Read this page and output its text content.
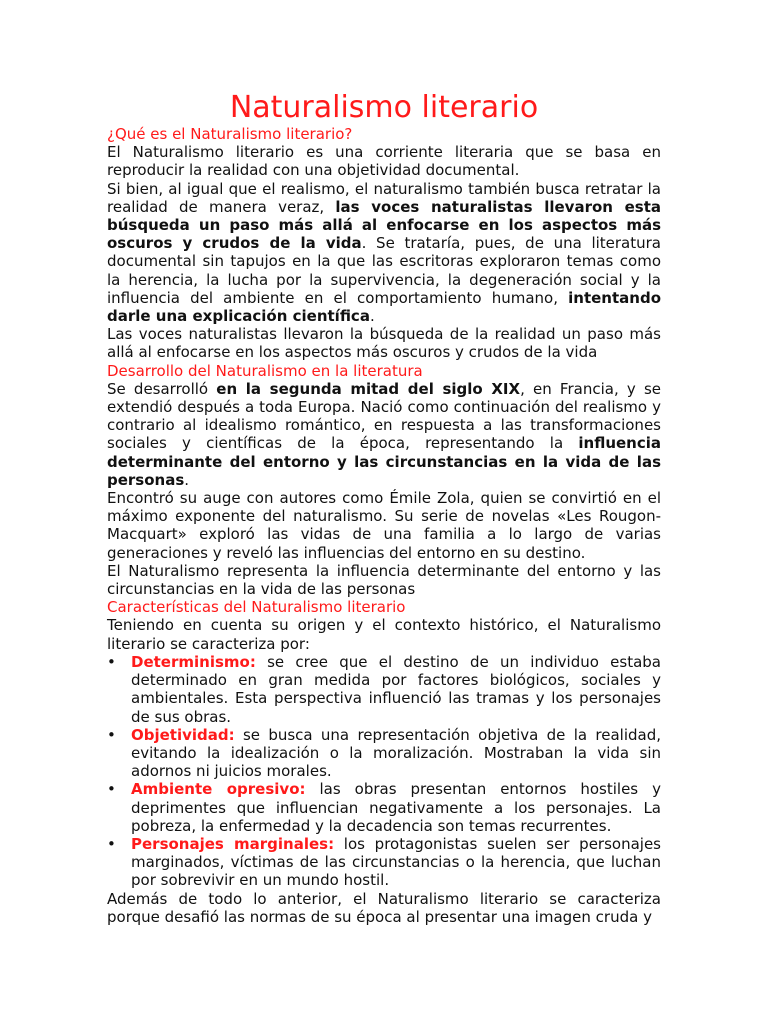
Naturalismo literario
¿Qué es el Naturalismo literario?

El Naturalismo literario es una corriente literaria que se basa en reproducir la realidad con una objetividad documental.

Si bien, al igual que el realismo, el naturalismo también busca retratar la realidad de manera veraz, las voces naturalistas llevaron esta búsqueda un paso más allá al enfocarse en los aspectos más oscuros y crudos de la vida. Se trataría, pues, de una literatura documental sin tapujos en la que las escritoras exploraron temas como la herencia, la lucha por la supervivencia, la degeneración social y la influencia del ambiente en el comportamiento humano, intentando darle una explicación científica.

Las voces naturalistas llevaron la búsqueda de la realidad un paso más allá al enfocarse en los aspectos más oscuros y crudos de la vida

Desarrollo del Naturalismo en la literatura

Se desarrolló en la segunda mitad del siglo XIX, en Francia, y se extendió después a toda Europa. Nació como continuación del realismo y contrario al idealismo romántico, en respuesta a las transformaciones sociales y científicas de la época, representando la influencia determinante del entorno y las circunstancias en la vida de las personas.

Encontró su auge con autores como Émile Zola, quien se convirtió en el máximo exponente del naturalismo. Su serie de novelas «Les Rougon-Macquart» exploró las vidas de una familia a lo largo de varias generaciones y reveló las influencias del entorno en su destino.

El Naturalismo representa la influencia determinante del entorno y las circunstancias en la vida de las personas

Características del Naturalismo literario

Teniendo en cuenta su origen y el contexto histórico, el Naturalismo literario se caracteriza por:

• Determinismo: se cree que el destino de un individuo estaba determinado en gran medida por factores biológicos, sociales y ambientales. Esta perspectiva influenció las tramas y los personajes de sus obras.
• Objetividad: se busca una representación objetiva de la realidad, evitando la idealización o la moralización. Mostraban la vida sin adornos ni juicios morales.
• Ambiente opresivo: las obras presentan entornos hostiles y deprimentes que influencian negativamente a los personajes. La pobreza, la enfermedad y la decadencia son temas recurrentes.
• Personajes marginales: los protagonistas suelen ser personajes marginados, víctimas de las circunstancias o la herencia, que luchan por sobrevivir en un mundo hostil.

Además de todo lo anterior, el Naturalismo literario se caracteriza porque desafió las normas de su época al presentar una imagen cruda y
